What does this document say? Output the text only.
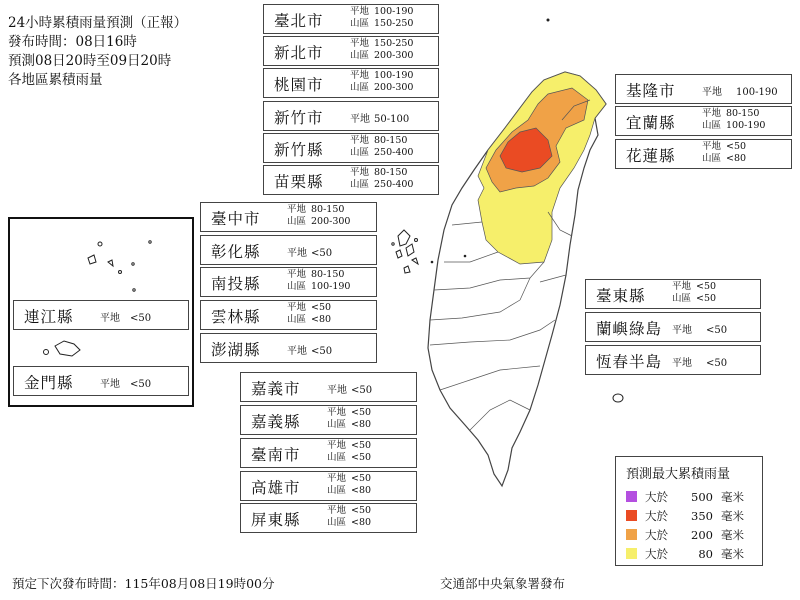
24小時累積雨量預測（正報）
發布時間：08日16時
預測08日20時至09日20時
各地區累積雨量
臺北市
平地 100-190
山區 150-250
新北市
平地 150-250
山區 200-300
桃園市
平地 100-190
山區 200-300
新竹市	平地 50-100
新竹縣
平地 80-150
山區 250-400
苗栗縣
平地 80-150
山區 250-400
臺中市
平地 80-150
山區 200-300
彰化縣	平地 <50
南投縣
平地 80-150
山區 100-190
雲林縣
平地 <50
山區 <80
澎湖縣	平地 <50
嘉義市	平地 <50
嘉義縣
平地 <50
山區 <80
臺南市
平地 <50
山區 <50
高雄市
平地 <50
山區 <80
屏東縣
平地 <50
山區 <80
基隆市	平地 100-190
宜蘭縣
平地 80-150
山區 100-190
花蓮縣
平地 <50
山區 <80
臺東縣
平地 <50
山區 <50
蘭嶼綠島 平地 <50
恆春半島 平地 <50
連江縣	平地 <50
金門縣	平地 <50
預測最大累積雨量
大於 500 毫米
大於 350 毫米
大於 200 毫米
大於	80 毫米
預定下次發布時間：115年08月08日19時00分	交通部中央氣象署發布
